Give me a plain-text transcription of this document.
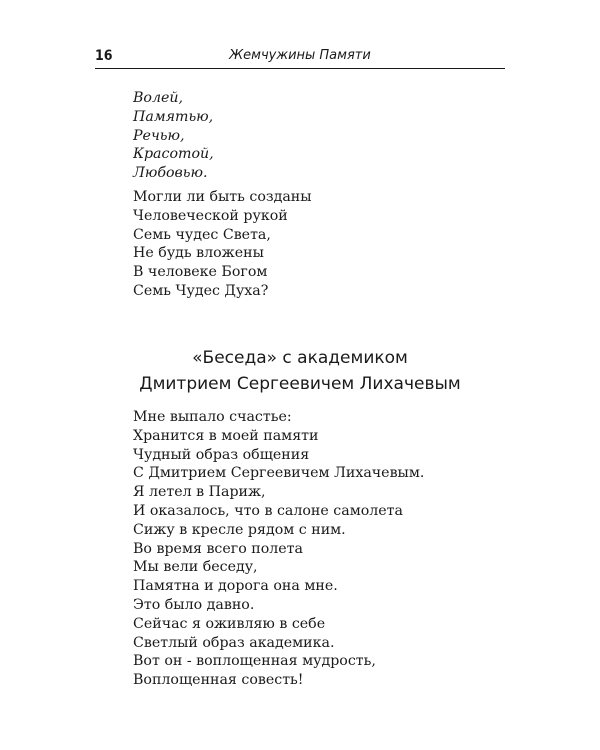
16	Жемчужины Памяти
Волей,
Памятью,
Речью,
Красотой,
Любовью.
Могли ли быть созданы
Человеческой рукой
Семь чудес Света,
Не будь вложены
В человеке Богом
Семь Чудес Духа?
«Беседа» с академиком
Дмитрием Сергеевичем Лихачевым
Мне выпало счастье:
Хранится в моей памяти
Чудный образ общения
С Дмитрием Сергеевичем Лихачевым.
Я летел в Париж,
И оказалось, что в салоне самолета
Сижу в кресле рядом с ним.
Во время всего полета
Мы вели беседу,
Памятна и дорога она мне.
Это было давно.
Сейчас я оживляю в себе
Светлый образ академика.
Вот он - воплощенная мудрость,
Воплощенная совесть!
